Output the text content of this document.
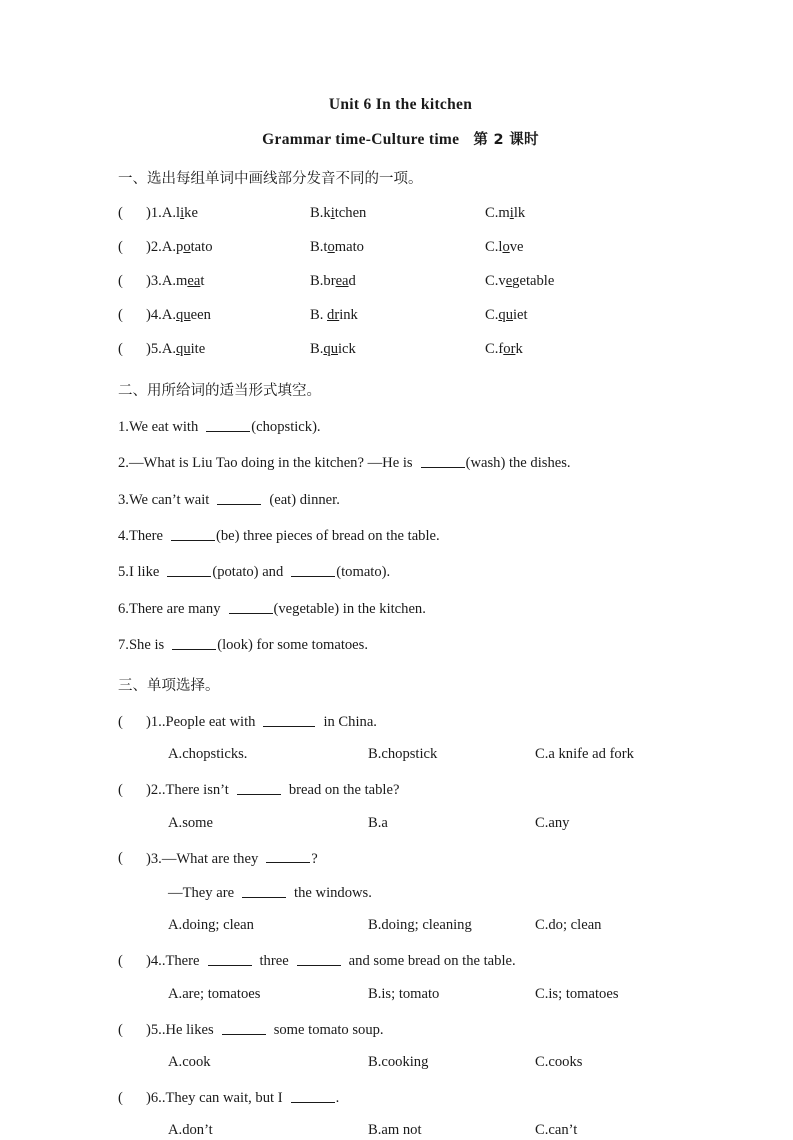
Unit 6 In the kitchen
Grammar time-Culture time 第 2 课时
一、选出每组单词中画线部分发音不同的一项。
( )1.A.like	B.kitchen	C.milk
( )2.A.potato	B.tomato	C.love
( )3.A.meat	B.bread	C.vegetable
( )4.A.queen	B. drink	C.quiet
( )5.A.quite	B.quick	C.fork
二、用所给词的适当形式填空。
1.We eat with	(chopstick).
2.—What is Liu Tao doing in the kitchen? —He is	(wash) the dishes.
3.We can’t wait	(eat) dinner.
4.There	(be) three pieces of bread on the table.
5.I like	(potato) and	(tomato).
6.There are many	(vegetable) in the kitchen.
7.She is	(look) for some tomatoes.
三、单项选择。
( )1..People eat with	in China.
A.chopsticks.	B.chopstick	C.a knife ad fork
( )2..There isn’t	bread on the table?
A.some	B.a	C.any
( )3.—What are they	?
—They are	the windows.
A.doing; clean	B.doing; cleaning	C.do; clean
( )4..There	three	and some bread on the table.
A.are; tomatoes	B.is; tomato	C.is; tomatoes
( )5..He likes	some tomato soup.
A.cook	B.cooking	C.cooks
( )6..They can wait, but I	.
A.don’t	B.am not	C.can’t
